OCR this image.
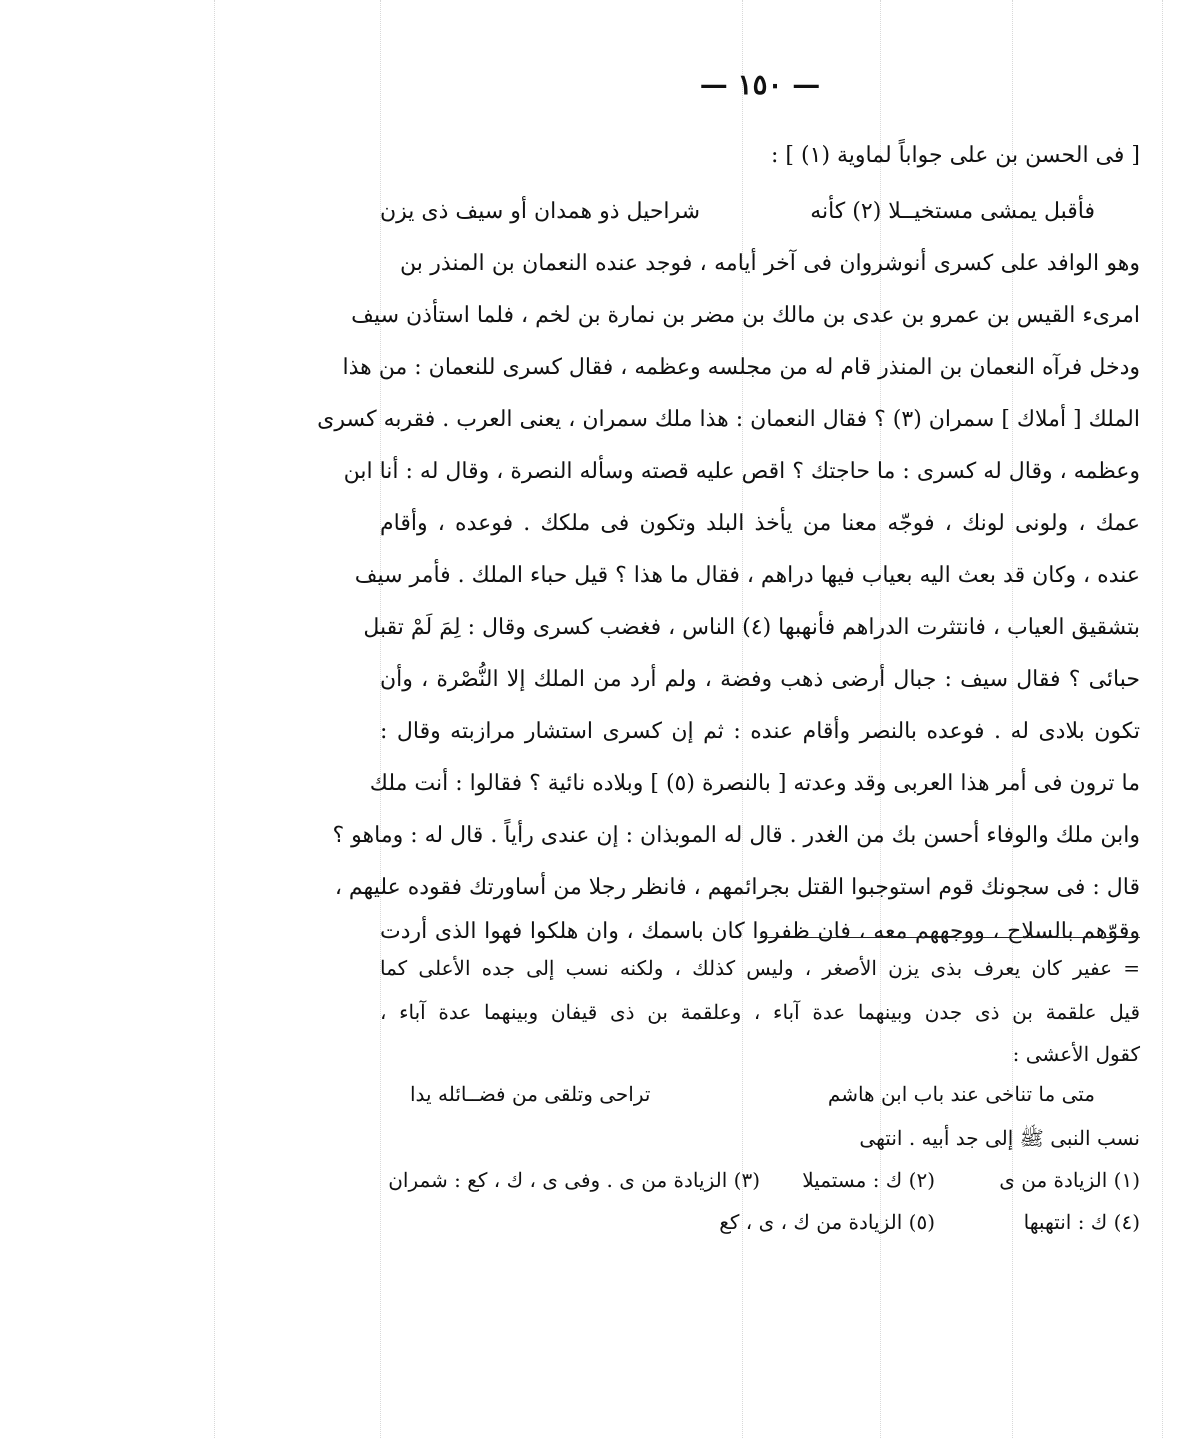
— ١٥٠ —
[ فى الحسن بن على جواباً لماوية (١) ] :
فأقبل يمشى مستخيــلا (٢) كأنه
شراحيل ذو همدان أو سيف ذى يزن
وهو الوافد على كسرى أنوشروان فى آخر أيامه ، فوجد عنده النعمان بن المنذر بن
امرىء القيس بن عمرو بن عدى بن مالك بن مضر بن نمارة بن لخم ، فلما استأذن سيف
ودخل فرآه النعمان بن المنذر قام له من مجلسه وعظمه ، فقال كسرى للنعمان : من هذا
الملك [ أملاك ] سمران (٣) ؟ فقال النعمان : هذا ملك سمران ، يعنى العرب . فقربه كسرى
وعظمه ، وقال له كسرى : ما حاجتك ؟ اقص عليه قصته وسأله النصرة ، وقال له : أنا ابن
عمك ، ولونى لونك ، فوجّه معنا من يأخذ البلد وتكون فى ملكك . فوعده ، وأقام
عنده ، وكان قد بعث اليه بعياب فيها دراهم ، فقال ما هذا ؟ قيل حباء الملك . فأمر سيف
بتشقيق العياب ، فانتثرت الدراهم فأنهبها (٤) الناس ، فغضب كسرى وقال : لِمَ لَمْ تقبل
حبائى ؟ فقال سيف : جبال أرضى ذهب وفضة ، ولم أرد من الملك إلا النُّصْرة ، وأن
تكون بلادى له . فوعده بالنصر وأقام عنده : ثم إن كسرى استشار مرازبته وقال :
ما ترون فى أمر هذا العربى وقد وعدته [ بالنصرة (٥) ] وبلاده نائية ؟ فقالوا : أنت ملك
وابن ملك والوفاء أحسن بك من الغدر . قال له الموبذان : إن عندى رأياً . قال له : وماهو ؟
قال : فى سجونك قوم استوجبوا القتل بجرائمهم ، فانظر رجلا من أساورتك فقوده عليهم ،
وقوّهم بالسلاح ، ووجههم معه ، فان ظفروا كان باسمك ، وان هلكوا فهوا الذى أردت
= عفير كان يعرف بذى يزن الأصغر ، وليس كذلك ، ولكنه نسب إلى جده الأعلى كما
قيل علقمة بن ذى جدن وبينهما عدة آباء ، وعلقمة بن ذى قيفان وبينهما عدة آباء ،
كقول الأعشى :
متى ما تناخى عند باب ابن هاشم
تراحى وتلقى من فضــائله يدا
نسب النبى ﷺ إلى جد أبيه . انتهى
(١) الزيادة من ى
(٢) ك : مستميلا
(٣) الزيادة من ى . وفى ى ، ك ، كع : شمران
(٤) ك : انتهبها
(٥) الزيادة من ك ، ى ، كع
